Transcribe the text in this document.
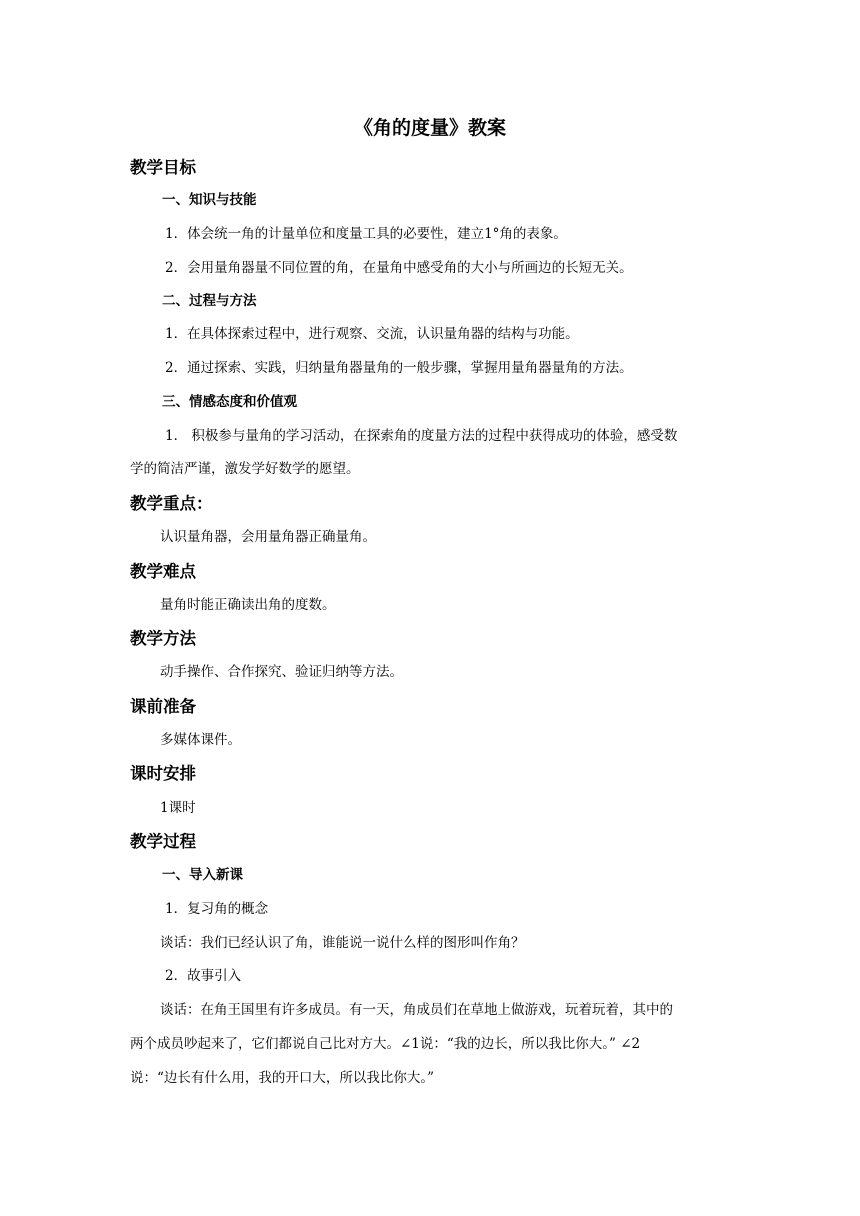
《角的度量》教案
教学目标
一、知识与技能
1．体会统一角的计量单位和度量工具的必要性，建立1°角的表象。
2．会用量角器量不同位置的角，在量角中感受角的大小与所画边的长短无关。
二、过程与方法
1．在具体探索过程中，进行观察、交流，认识量角器的结构与功能。
2．通过探索、实践，归纳量角器量角的一般步骤，掌握用量角器量角的方法。
三、情感态度和价值观
1． 积极参与量角的学习活动，在探索角的度量方法的过程中获得成功的体验，感受数
学的简洁严谨，激发学好数学的愿望。
教学重点：
认识量角器，会用量角器正确量角。
教学难点
量角时能正确读出角的度数。
教学方法
动手操作、合作探究、验证归纳等方法。
课前准备
多媒体课件。
课时安排
1课时
教学过程
一、导入新课
1．复习角的概念
谈话：我们已经认识了角，谁能说一说什么样的图形叫作角？
2．故事引入
谈话：在角王国里有许多成员。有一天，角成员们在草地上做游戏，玩着玩着，其中的
两个成员吵起来了，它们都说自己比对方大。∠1说：“我的边长，所以我比你大。” ∠2
说：“边长有什么用，我的开口大，所以我比你大。”
